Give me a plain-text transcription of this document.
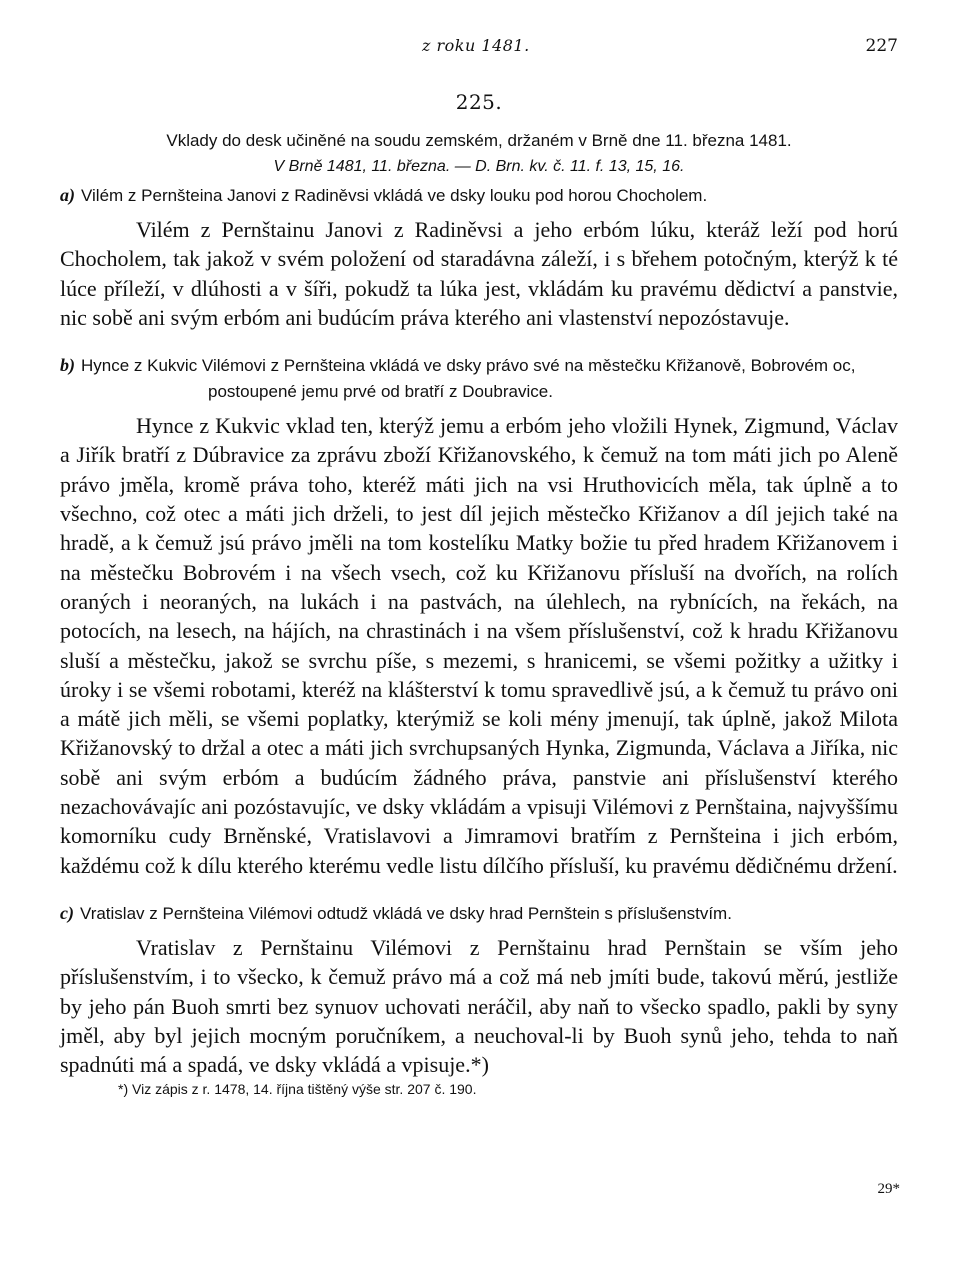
z roku 1481.	227
225.

Vklady do desk učiněné na soudu zemském, držaném v Brně dne 11. března 1481.

V Brně 1481, 11. března. — D. Brn. kv. č. 11. f. 13, 15, 16.

a) Vilém z Pernšteina Janovi z Radiněvsi vkládá ve dsky louku pod horou Chocholem.

Vilém z Pernštainu Janovi z Radiněvsi a jeho erbóm lúku, kteráž leží pod horú Chocholem, tak jakož v svém položení od staradávna záleží, i s břehem potočným, kterýž k té lúce příleží, v dlúhosti a v šíři, pokudž ta lúka jest, vkládám ku pravému dědictví a panstvie, nic sobě ani svým erbóm ani budúcím práva kterého ani vlastenství nepozóstavuje.

b) Hynce z Kukvic Vilémovi z Pernšteina vkládá ve dsky právo své na městečku Křižanově, Bobrovém oc, postoupené jemu prvé od bratří z Doubravice.

Hynce z Kukvic vklad ten, kterýž jemu a erbóm jeho vložili Hynek, Zigmund, Václav a Jiřík bratří z Dúbravice za zprávu zboží Křižanovského, k čemuž na tom máti jich po Aleně právo jměla, kromě práva toho, kteréž máti jich na vsi Hruthovicích měla, tak úplně a to všechno, což otec a máti jich drželi, to jest díl jejich městečko Křižanov a díl jejich také na hradě, a k čemuž jsú právo jměli na tom kostelíku Matky božie tu před hradem Křižanovem i na městečku Bobrovém i na všech vsech, což ku Křižanovu přísluší na dvořích, na rolích oraných i neoraných, na lukách i na pastvách, na úlehlech, na rybnících, na řekách, na potocích, na lesech, na hájích, na chrastinách i na všem příslušenství, což k hradu Křižanovu sluší a městečku, jakož se svrchu píše, s mezemi, s hranicemi, se všemi požitky a užitky i úroky i se všemi robotami, kteréž na klášterství k tomu spravedlivě jsú, a k čemuž tu právo oni a mátě jich měli, se všemi poplatky, kterýmiž se koli mény jmenují, tak úplně, jakož Milota Křižanovský to držal a otec a máti jich svrchupsaných Hynka, Zigmunda, Václava a Jiříka, nic sobě ani svým erbóm a budúcím žádného práva, panstvie ani příslušenství kterého nezachovávajíc ani pozóstavujíc, ve dsky vkládám a vpisuji Vilémovi z Pernštaina, najvyššímu komorníku cudy Brněnské, Vratislavovi a Jimramovi bratřím z Pernšteina i jich erbóm, každému což k dílu kterého kterému vedle listu dílčího přísluší, ku pravému dědičnému držení.

c) Vratislav z Pernšteina Vilémovi odtudž vkládá ve dsky hrad Pernštein s příslušenstvím.

Vratislav z Pernštainu Vilémovi z Pernštainu hrad Pernštain se vším jeho příslušenstvím, i to všecko, k čemuž právo má a což má neb jmíti bude, takovú měrú, jestliže by jeho pán Buoh smrti bez synuov uchovati neráčil, aby naň to všecko spadlo, pakli by syny jměl, aby byl jejich mocným poručníkem, a neuchoval-li by Buoh synů jeho, tehda to naň spadnúti má a spadá, ve dsky vkládá a vpisuje.*)

*) Viz zápis z r. 1478, 14. října tištěný výše str. 207 č. 190.

29*
